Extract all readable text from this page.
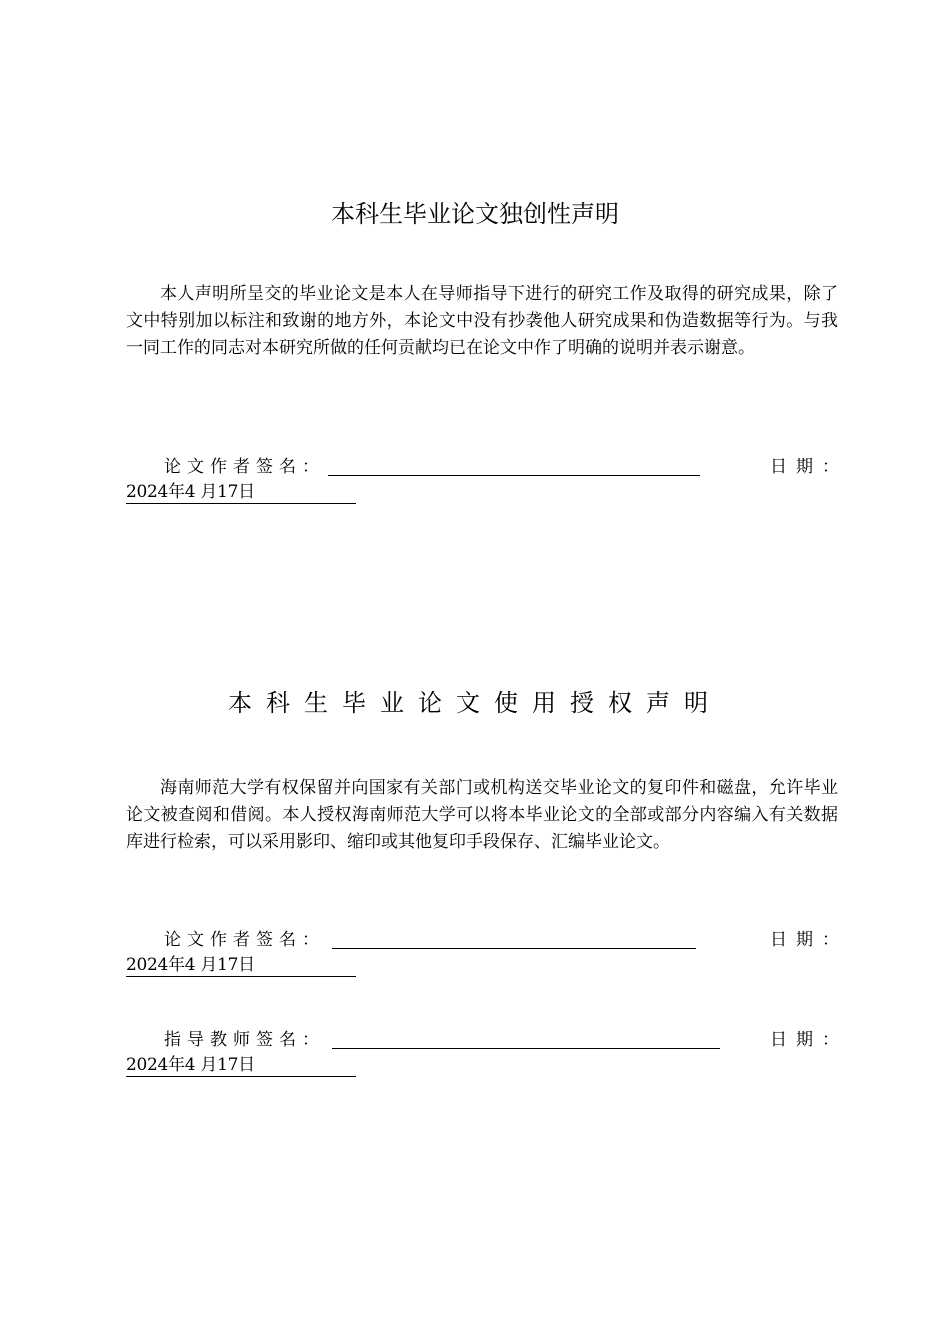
本科生毕业论文独创性声明
本人声明所呈交的毕业论文是本人在导师指导下进行的研究工作及取得的研究成果，除了文中特别加以标注和致谢的地方外，本论文中没有抄袭他人研究成果和伪造数据等行为。与我一同工作的同志对本研究所做的任何贡献均已在论文中作了明确的说明并表示谢意。
论文作者签名：	日期：
2024年4 月17日
本科生毕业论文使用授权声明
海南师范大学有权保留并向国家有关部门或机构送交毕业论文的复印件和磁盘，允许毕业论文被查阅和借阅。本人授权海南师范大学可以将本毕业论文的全部或部分内容编入有关数据库进行检索，可以采用影印、缩印或其他复印手段保存、汇编毕业论文。
论文作者签名：	日期：
2024年4 月17日
指导教师签名：	日期：
2024年4 月17日
